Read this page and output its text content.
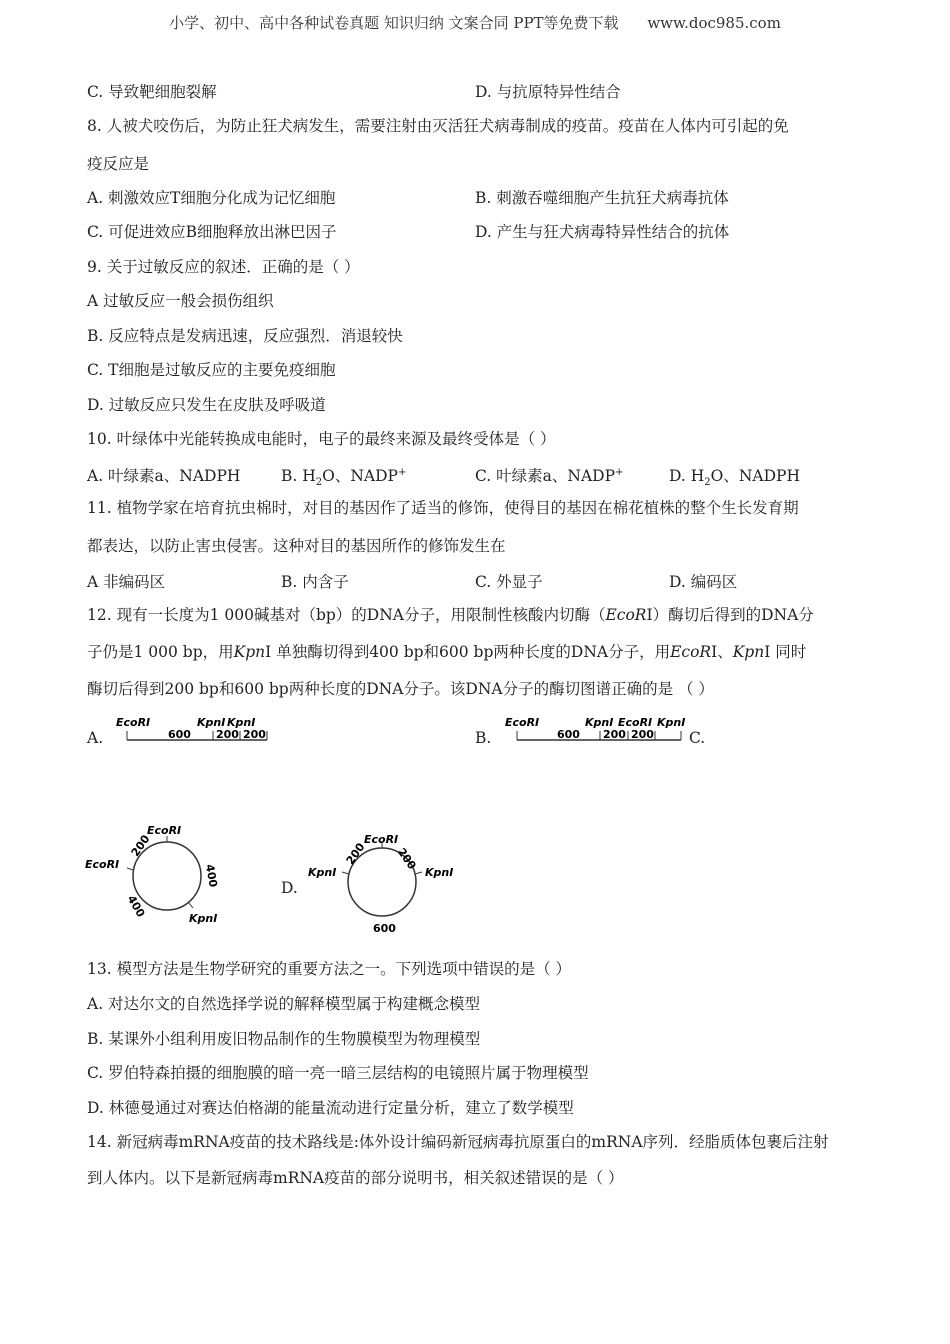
小学、初中、高中各种试卷真题 知识归纳 文案合同 PPT等免费下载 www.doc985.com
C. 导致靶细胞裂解	D. 与抗原特异性结合
8. 人被犬咬伤后，为防止狂犬病发生，需要注射由灭活狂犬病毒制成的疫苗。疫苗在人体内可引起的免
疫反应是
A. 刺激效应T细胞分化成为记忆细胞	B. 刺激吞噬细胞产生抗狂犬病毒抗体
C. 可促进效应B细胞释放出淋巴因子	D. 产生与狂犬病毒特异性结合的抗体
9. 关于过敏反应的叙述．正确的是（ ）
A 过敏反应一般会损伤组织
B. 反应特点是发病迅速，反应强烈．消退较快
C. T细胞是过敏反应的主要免疫细胞
D. 过敏反应只发生在皮肤及呼吸道
10. 叶绿体中光能转换成电能时，电子的最终来源及最终受体是（ ）
A. 叶绿素a、NADPH	B. $H_2O$、NADP+	C. 叶绿素a、NADP+	D. $H_2O$、NADPH
11. 植物学家在培育抗虫棉时，对目的基因作了适当的修饰，使得目的基因在棉花植株的整个生长发育期
都表达，以防止害虫侵害。这种对目的基因所作的修饰发生在
A 非编码区	B. 内含子	C. 外显子	D. 编码区
12. 现有一长度为1 000碱基对（bp）的DNA分子，用限制性核酸内切酶（EcoRⅠ）酶切后得到的DNA分
子仍是1 000 bp，用KpnⅠ 单独酶切得到400 bp和600 bp两种长度的DNA分子，用EcoRⅠ、KpnⅠ 同时
酶切后得到200 bp和600 bp两种长度的DNA分子。该DNA分子的酶切图谱正确的是 （ ）
A.	B.	C.
D.
EcoRI	KpnI KpnI
600 200 200
EcoRI	KpnI EcoRI KpnI
600 200 200
EcoRI
EcoRI
KpnI
200
400
400
EcoRI
KpnI	KpnI
200 200
600
13. 模型方法是生物学研究的重要方法之一。下列选项中错误的是（ ）
A. 对达尔文的自然选择学说的解释模型属于构建概念模型
B. 某课外小组利用废旧物品制作的生物膜模型为物理模型
C. 罗伯特森拍摄的细胞膜的暗一亮一暗三层结构的电镜照片属于物理模型
D. 林德曼通过对赛达伯格湖的能量流动进行定量分析，建立了数学模型
14. 新冠病毒mRNA疫苗的技术路线是:体外设计编码新冠病毒抗原蛋白的mRNA序列．经脂质体包裹后注射
到人体内。以下是新冠病毒mRNA疫苗的部分说明书，相关叙述错误的是（ ）
